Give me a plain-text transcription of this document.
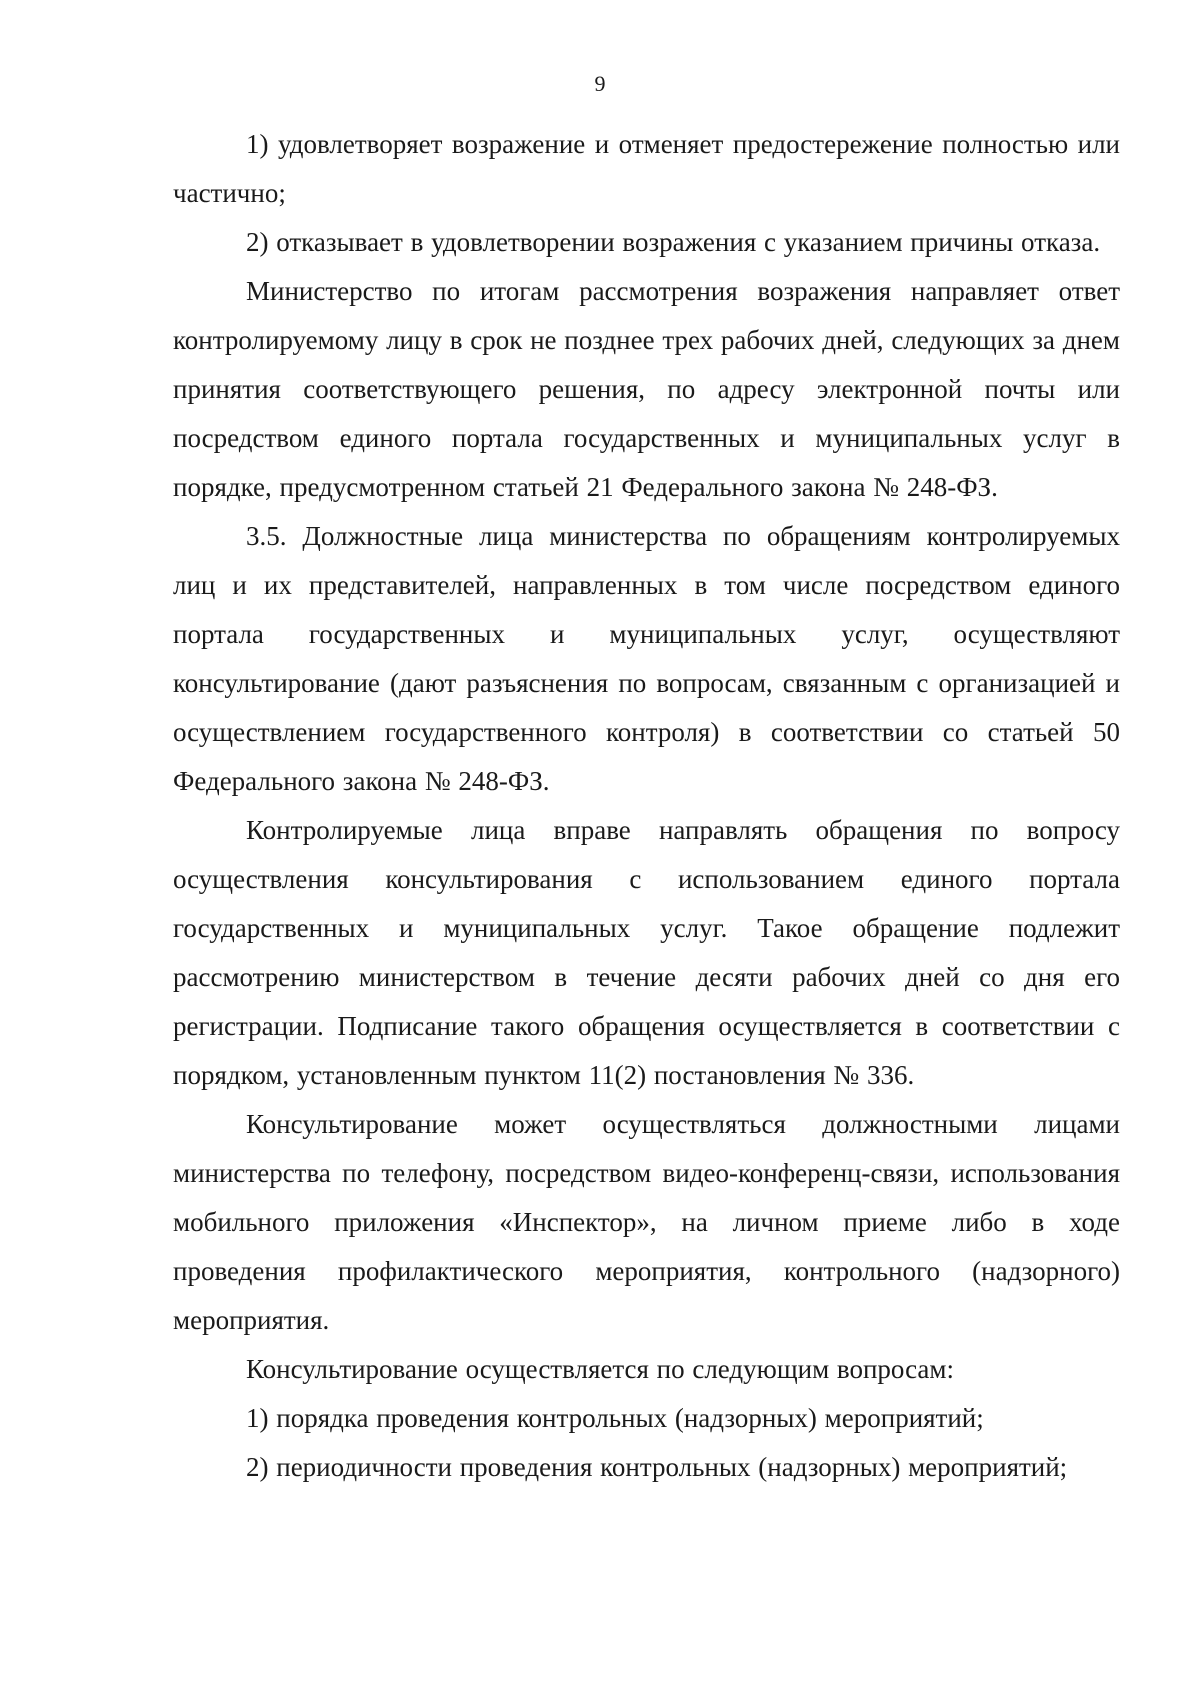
9

1) удовлетворяет возражение и отменяет предостережение полностью или частично;

2) отказывает в удовлетворении возражения с указанием причины отказа.

Министерство по итогам рассмотрения возражения направляет ответ контролируемому лицу в срок не позднее трех рабочих дней, следующих за днем принятия соответствующего решения, по адресу электронной почты или посредством единого портала государственных и муниципальных услуг в порядке, предусмотренном статьей 21 Федерального закона № 248-ФЗ.

3.5. Должностные лица министерства по обращениям контролируемых лиц и их представителей, направленных в том числе посредством единого портала государственных и муниципальных услуг, осуществляют консультирование (дают разъяснения по вопросам, связанным с организацией и осуществлением государственного контроля) в соответствии со статьей 50 Федерального закона № 248-ФЗ.

Контролируемые лица вправе направлять обращения по вопросу осуществления консультирования с использованием единого портала государственных и муниципальных услуг. Такое обращение подлежит рассмотрению министерством в течение десяти рабочих дней со дня его регистрации. Подписание такого обращения осуществляется в соответствии с порядком, установленным пунктом 11(2) постановления № 336.

Консультирование может осуществляться должностными лицами министерства по телефону, посредством видео-конференц-связи, использования мобильного приложения «Инспектор», на личном приеме либо в ходе проведения профилактического мероприятия, контрольного (надзорного) мероприятия.

Консультирование осуществляется по следующим вопросам:

1) порядка проведения контрольных (надзорных) мероприятий;

2) периодичности проведения контрольных (надзорных) мероприятий;
